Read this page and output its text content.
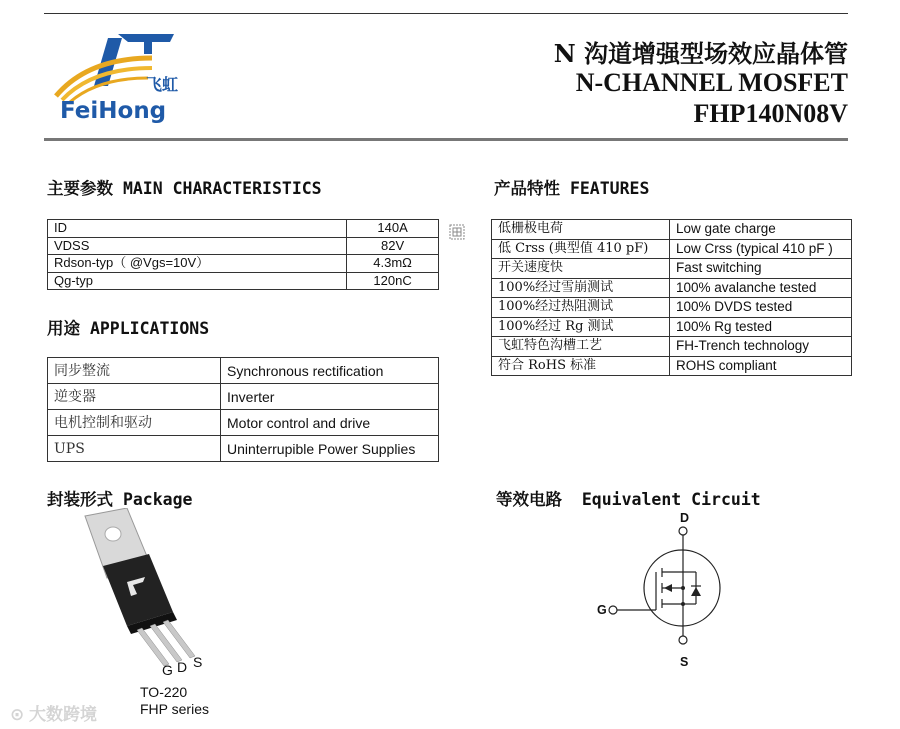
飞虹
FeiHong
N 沟道增强型场效应晶体管
N-CHANNEL MOSFET
FHP140N08V
主要参数 MAIN CHARACTERISTICS
ID	140A
VDSS	82V
Rdson-typ（ @Vgs=10V）	4.3mΩ
Qg-typ	120nC
产品特性 FEATURES
低栅极电荷	Low gate charge
低 Crss (典型值 410 pF)	Low Crss (typical 410 pF )
开关速度快	Fast switching
100%经过雪崩测试	100% avalanche tested
100%经过热阻测试	100% DVDS tested
100%经过 Rg 测试	100% Rg tested
飞虹特色沟槽工艺	FH-Trench technology
符合 RoHS 标准	ROHS compliant
用途 APPLICATIONS
同步整流	Synchronous rectification
逆变器	Inverter
电机控制和驱动	Motor control and drive
UPS	Uninterrupible Power Supplies
封装形式 Package
G D S
TO-220
FHP series
等效电路 Equivalent Circuit
D
G
S
⊙ 大数跨境
